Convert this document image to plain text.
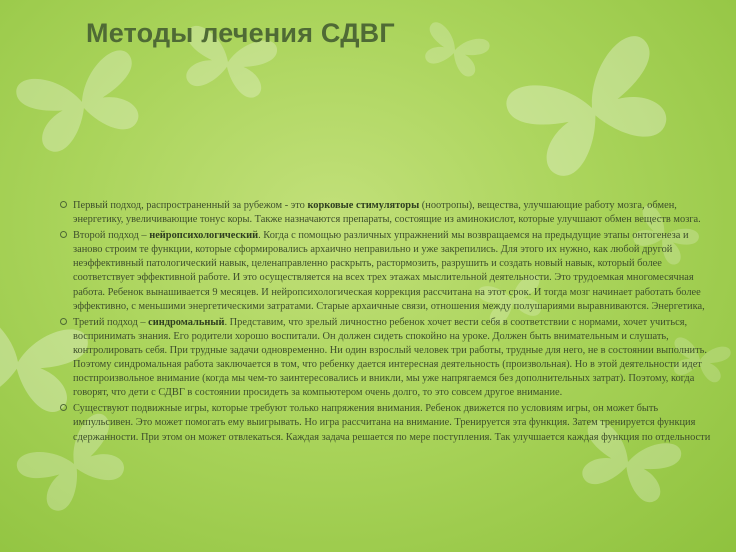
Методы лечения СДВГ
Первый подход, распространенный за рубежом - это корковые стимуляторы (ноотропы), вещества, улучшающие работу мозга, обмен, энергетику, увеличивающие тонус коры. Также назначаются препараты, состоящие из аминокислот, которые улучшают обмен веществ мозга.
Второй подход – нейропсихологический. Когда с помощью различных упражнений мы возвращаемся на предыдущие этапы онтогенеза и заново строим те функции, которые сформировались архаично неправильно и уже закрепились. Для этого их нужно, как любой другой неэффективный патологический навык, целенаправленно раскрыть, растормозить, разрушить и создать новый навык, который более соответствует эффективной работе. И это осуществляется на всех трех этажах мыслительной деятельности. Это трудоемкая многомесячная работа. Ребенок вынашивается 9 месяцев. И нейропсихологическая коррекция рассчитана на этот срок. И тогда мозг начинает работать более эффективно, с меньшими энергетическими затратами. Старые архаичные связи, отношения между полушариями выравниваются. Энергетика,
Третий подход – синдромальный. Представим, что зрелый личностно ребенок хочет вести себя в соответствии с нормами, хочет учиться, воспринимать знания. Его родители хорошо воспитали. Он должен сидеть спокойно на уроке. Должен быть внимательным и слушать, контролировать себя. При трудные задачи одновременно. Ни один взрослый человек три работы, трудные для него, не в состоянии выполнить. Поэтому синдромальная работа заключается в том, что ребенку дается интересная деятельность (произвольная). Но в этой деятельности идет постпроизвольное внимание (когда мы чем-то заинтересовались и вникли, мы уже напрягаемся без дополнительных затрат). Поэтому, когда говорят, что дети с СДВГ в состоянии просидеть за компьютером очень долго, то это совсем другое внимание.
Существуют подвижные игры, которые требуют только напряжения внимания. Ребенок движется по условиям игры, он может быть импульсивен. Это может помогать ему выигрывать. Но игра рассчитана на внимание. Тренируется эта функция. Затем тренируется функция сдержанности. При этом он может отвлекаться. Каждая задача решается по мере поступления. Так улучшается каждая функция по отдельности
